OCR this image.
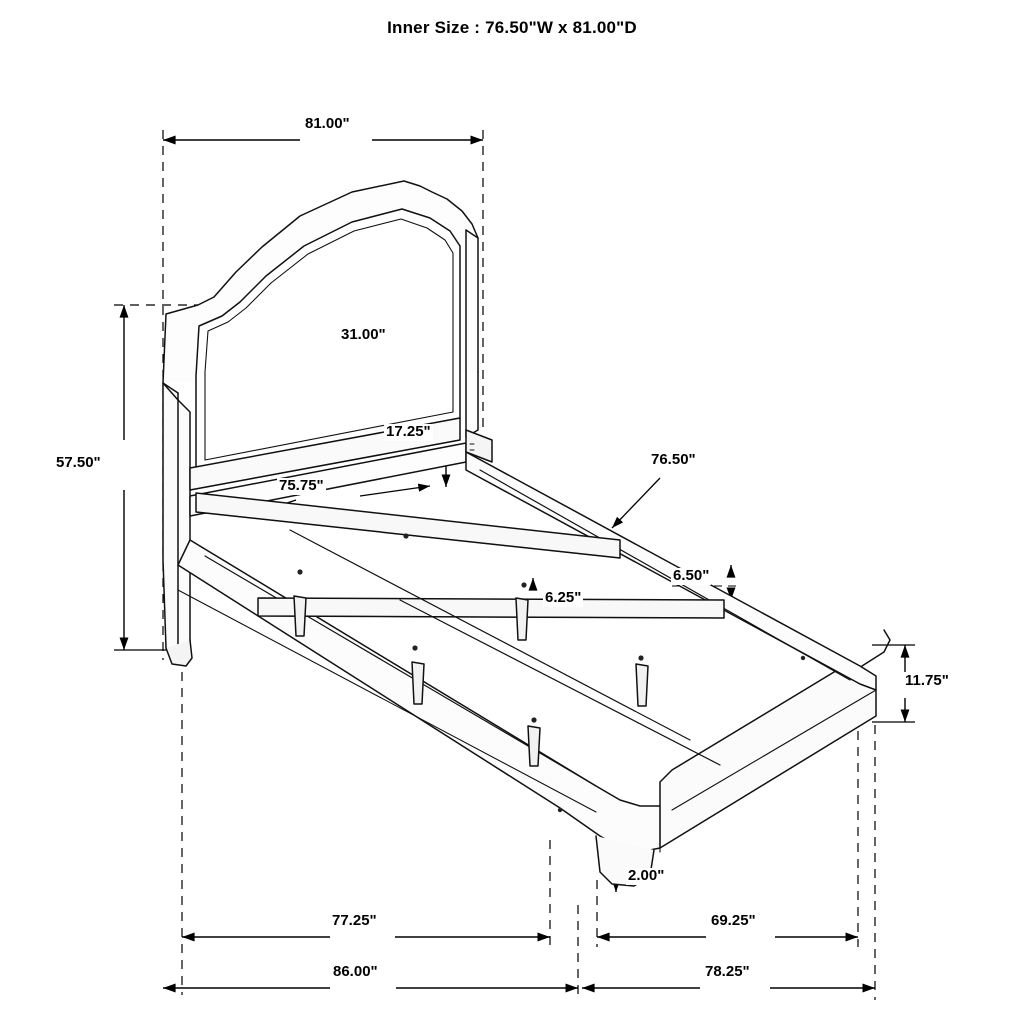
Inner Size : 76.50"W x 81.00"D
81.00"
31.00"
17.25"
57.50"
75.75"
76.50"
6.50"
6.25"
11.75"
2.00"
77.25"	69.25"
86.00"	78.25"
